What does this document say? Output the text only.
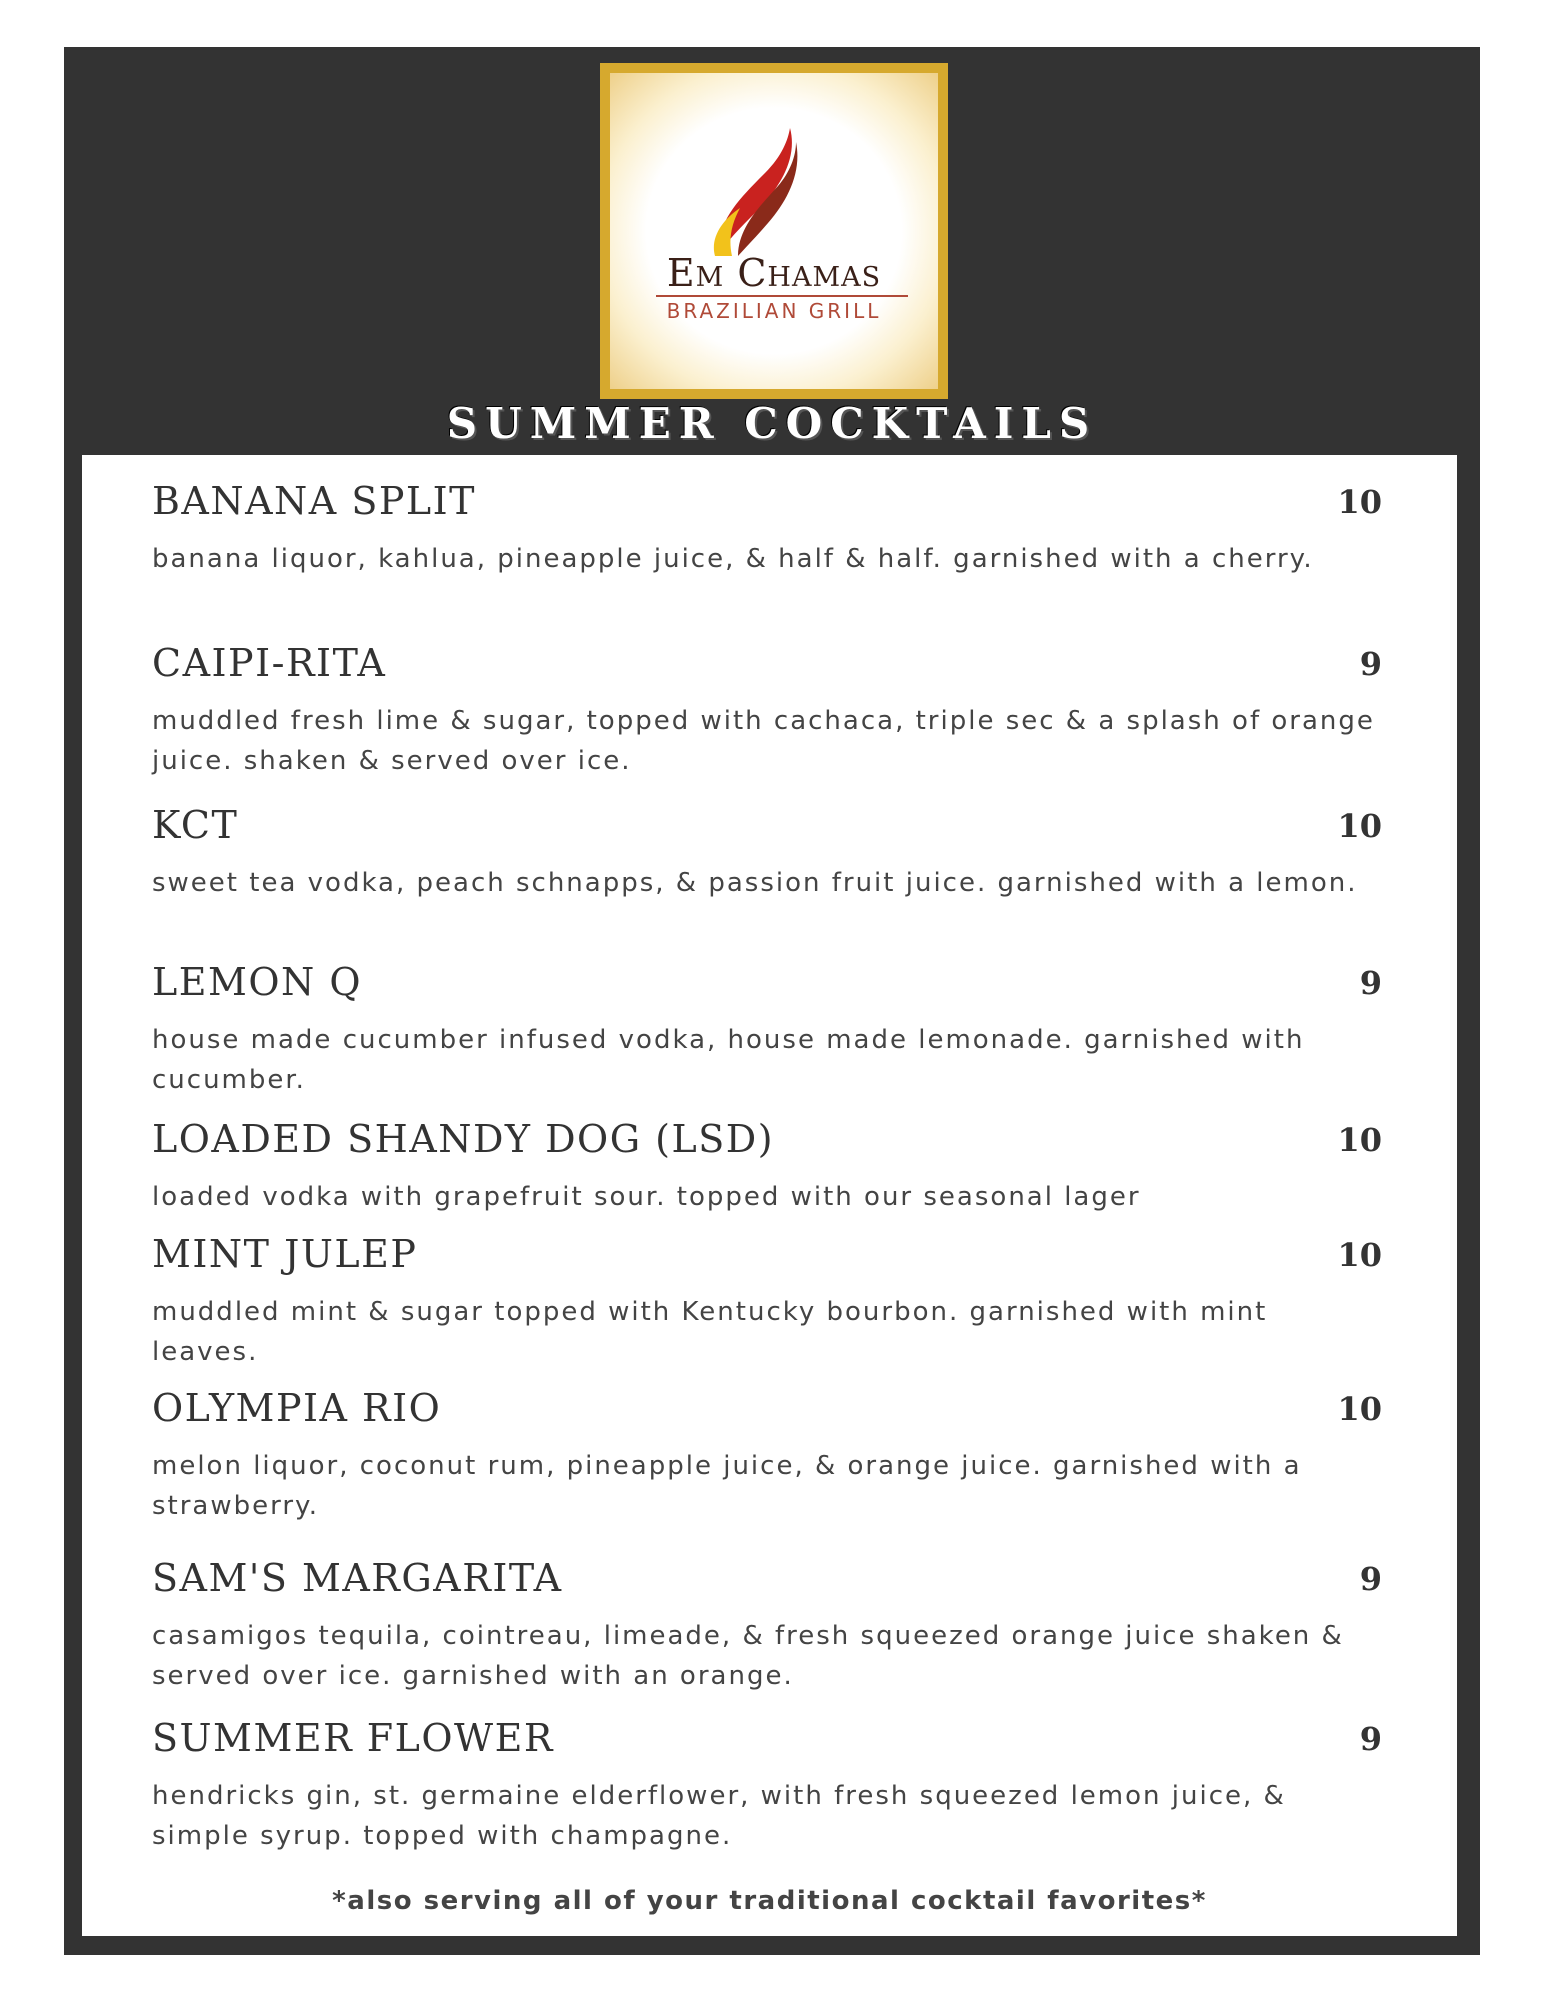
Em Chamas
BRAZILIAN GRILL
SUMMER COCKTAILS
BANANA SPLIT	10
banana liquor, kahlua, pineapple juice, & half & half. garnished with a cherry.
CAIPI-RITA	9
muddled fresh lime & sugar, topped with cachaca, triple sec & a splash of orange juice. shaken & served over ice.
KCT	10
sweet tea vodka, peach schnapps, & passion fruit juice. garnished with a lemon.
LEMON Q	9
house made cucumber infused vodka, house made lemonade. garnished with cucumber.
LOADED SHANDY DOG (LSD)	10
loaded vodka with grapefruit sour. topped with our seasonal lager
MINT JULEP	10
muddled mint & sugar topped with Kentucky bourbon. garnished with mint leaves.
OLYMPIA RIO	10
melon liquor, coconut rum, pineapple juice, & orange juice. garnished with a strawberry.
SAM'S MARGARITA	9
casamigos tequila, cointreau, limeade, & fresh squeezed orange juice shaken & served over ice. garnished with an orange.
SUMMER FLOWER	9
hendricks gin, st. germaine elderflower, with fresh squeezed lemon juice, & simple syrup. topped with champagne.
*also serving all of your traditional cocktail favorites*
